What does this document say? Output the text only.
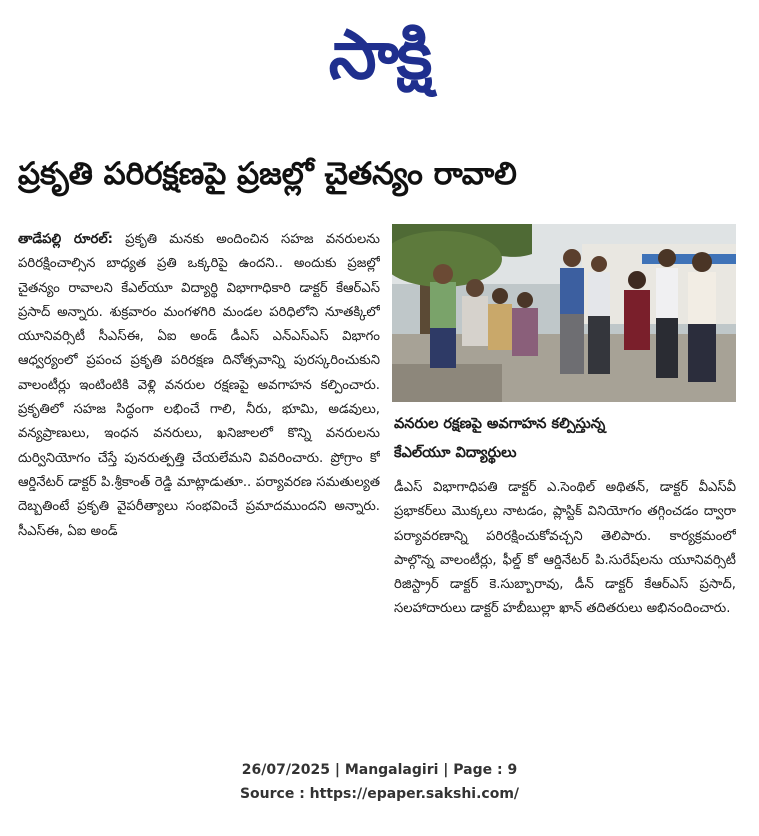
సాక్షి
ప్రకృతి పరిరక్షణపై ప్రజల్లో చైతన్యం రావాలి

తాడేపల్లి రూరల్: ప్రకృతి మనకు అందించిన సహజ వనరులను పరిరక్షించాల్సిన బాధ్యత ప్రతి ఒక్కరిపై ఉందని.. అందుకు ప్రజల్లో చైతన్యం రావాలని కేఎల్‌యూ విద్యార్థి విభాగాధికారి డాక్టర్ కేఆర్ఎస్ ప్రసాద్ అన్నారు. శుక్రవారం మంగళగిరి మండల పరిధిలోని నూతక్కిలో యూనివర్సిటీ సీఎస్ఈ, ఏఐ అండ్ డీఎస్ ఎన్ఎస్ఎస్ విభాగం ఆధ్వర్యంలో ప్రపంచ ప్రకృతి పరిరక్షణ దినోత్సవాన్ని పురస్కరించుకుని వాలంటీర్లు ఇంటింటికి వెళ్లి వనరుల రక్షణపై అవగాహన కల్పించారు. ప్రకృతిలో సహజ సిద్ధంగా లభించే గాలి, నీరు, భూమి, అడవులు, వన్యప్రాణులు, ఇంధన వనరులు, ఖనిజాలలో కొన్ని వనరులను దుర్వినియోగం చేస్తే పునరుత్పత్తి చేయలేమని వివరించారు. ప్రోగ్రాం కో ఆర్డినేటర్ డాక్టర్ పి.శ్రీకాంత్ రెడ్డి మాట్లాడుతూ.. పర్యావరణ సమతుల్యత దెబ్బతింటే ప్రకృతి వైపరీత్యాలు సంభవించే ప్రమాదముందని అన్నారు. సీఎస్ఈ, ఏఐ అండ్

వనరుల రక్షణపై అవగాహన కల్పిస్తున్న

కేఎల్‌యూ విద్యార్థులు

డీఎస్ విభాగాధిపతి డాక్టర్ ఎ.సెంథిల్ అథితన్, డాక్టర్ వీఎస్‌వీ ప్రభాకర్‌లు మొక్కలు నాటడం, ప్లాస్టిక్ వినియోగం తగ్గించడం ద్వారా పర్యావరణాన్ని పరిరక్షించుకోవచ్చని తెలిపారు. కార్యక్రమంలో పాల్గొన్న వాలంటీర్లు, ఫీల్డ్ కో ఆర్డినేటర్ పి.సురేష్‌లను యూనివర్సిటీ రిజిస్ట్రార్ డాక్టర్ కె.సుబ్బారావు, డీన్ డాక్టర్ కేఆర్ఎస్ ప్రసాద్, సలహాదారులు డాక్టర్ హబీబుల్లా ఖాన్ తదితరులు అభినందించారు.

26/07/2025 | Mangalagiri | Page : 9
Source : https://epaper.sakshi.com/
